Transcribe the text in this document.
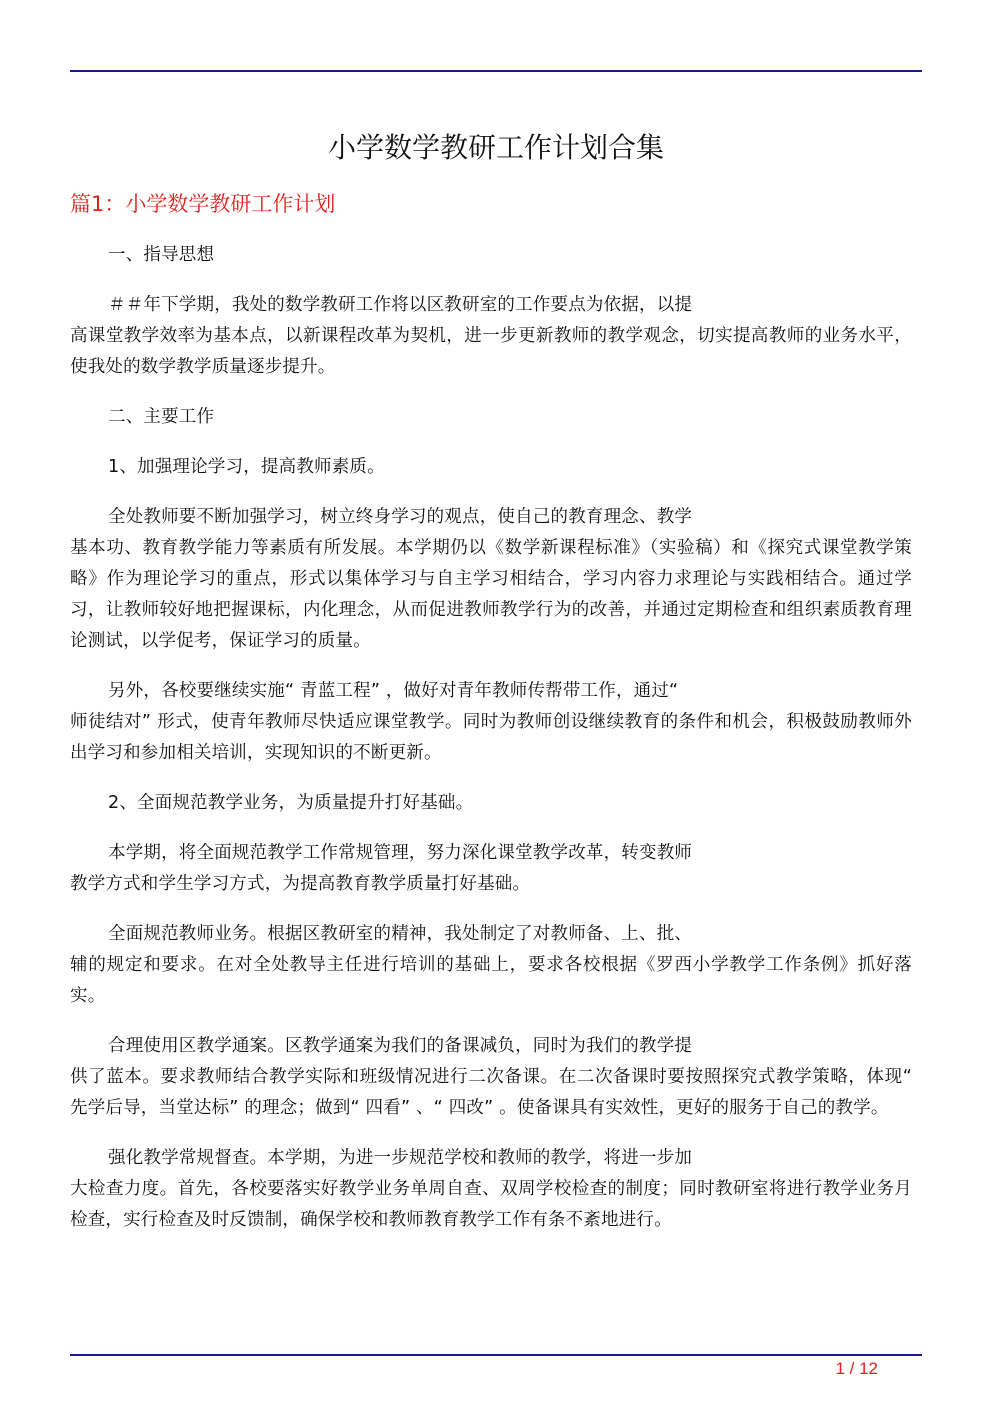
小学数学教研工作计划合集
篇1：小学数学教研工作计划

一、指导思想

＃＃年下学期，我处的数学教研工作将以区教研室的工作要点为依据，以提
高课堂教学效率为基本点，以新课程改革为契机，进一步更新教师的教学观念，切实提高教师的业务水平，使我处的数学教学质量逐步提升。

二、主要工作

1、加强理论学习，提高教师素质。

全处教师要不断加强学习，树立终身学习的观点，使自己的教育理念、教学
基本功、教育教学能力等素质有所发展。本学期仍以《数学新课程标准》（实验稿）和《探究式课堂教学策略》作为理论学习的重点，形式以集体学习与自主学习相结合，学习内容力求理论与实践相结合。通过学习，让教师较好地把握课标，内化理念，从而促进教师教学行为的改善，并通过定期检查和组织素质教育理论测试，以学促考，保证学习的质量。

另外，各校要继续实施“ 青蓝工程” ，做好对青年教师传帮带工作，通过“
师徒结对” 形式，使青年教师尽快适应课堂教学。同时为教师创设继续教育的条件和机会，积极鼓励教师外出学习和参加相关培训，实现知识的不断更新。

2、全面规范教学业务，为质量提升打好基础。

本学期，将全面规范教学工作常规管理，努力深化课堂教学改革，转变教师
教学方式和学生学习方式，为提高教育教学质量打好基础。

全面规范教师业务。根据区教研室的精神，我处制定了对教师备、上、批、
辅的规定和要求。在对全处教导主任进行培训的基础上，要求各校根据《罗西小学教学工作条例》抓好落实。

合理使用区教学通案。区教学通案为我们的备课减负，同时为我们的教学提
供了蓝本。要求教师结合教学实际和班级情况进行二次备课。在二次备课时要按照探究式教学策略，体现“ 先学后导，当堂达标” 的理念；做到“ 四看” 、“ 四改” 。使备课具有实效性，更好的服务于自己的教学。

强化教学常规督查。本学期，为进一步规范学校和教师的教学，将进一步加
大检查力度。首先，各校要落实好教学业务单周自查、双周学校检查的制度；同时教研室将进行教学业务月检查，实行检查及时反馈制，确保学校和教师教育教学工作有条不紊地进行。

1 / 12
